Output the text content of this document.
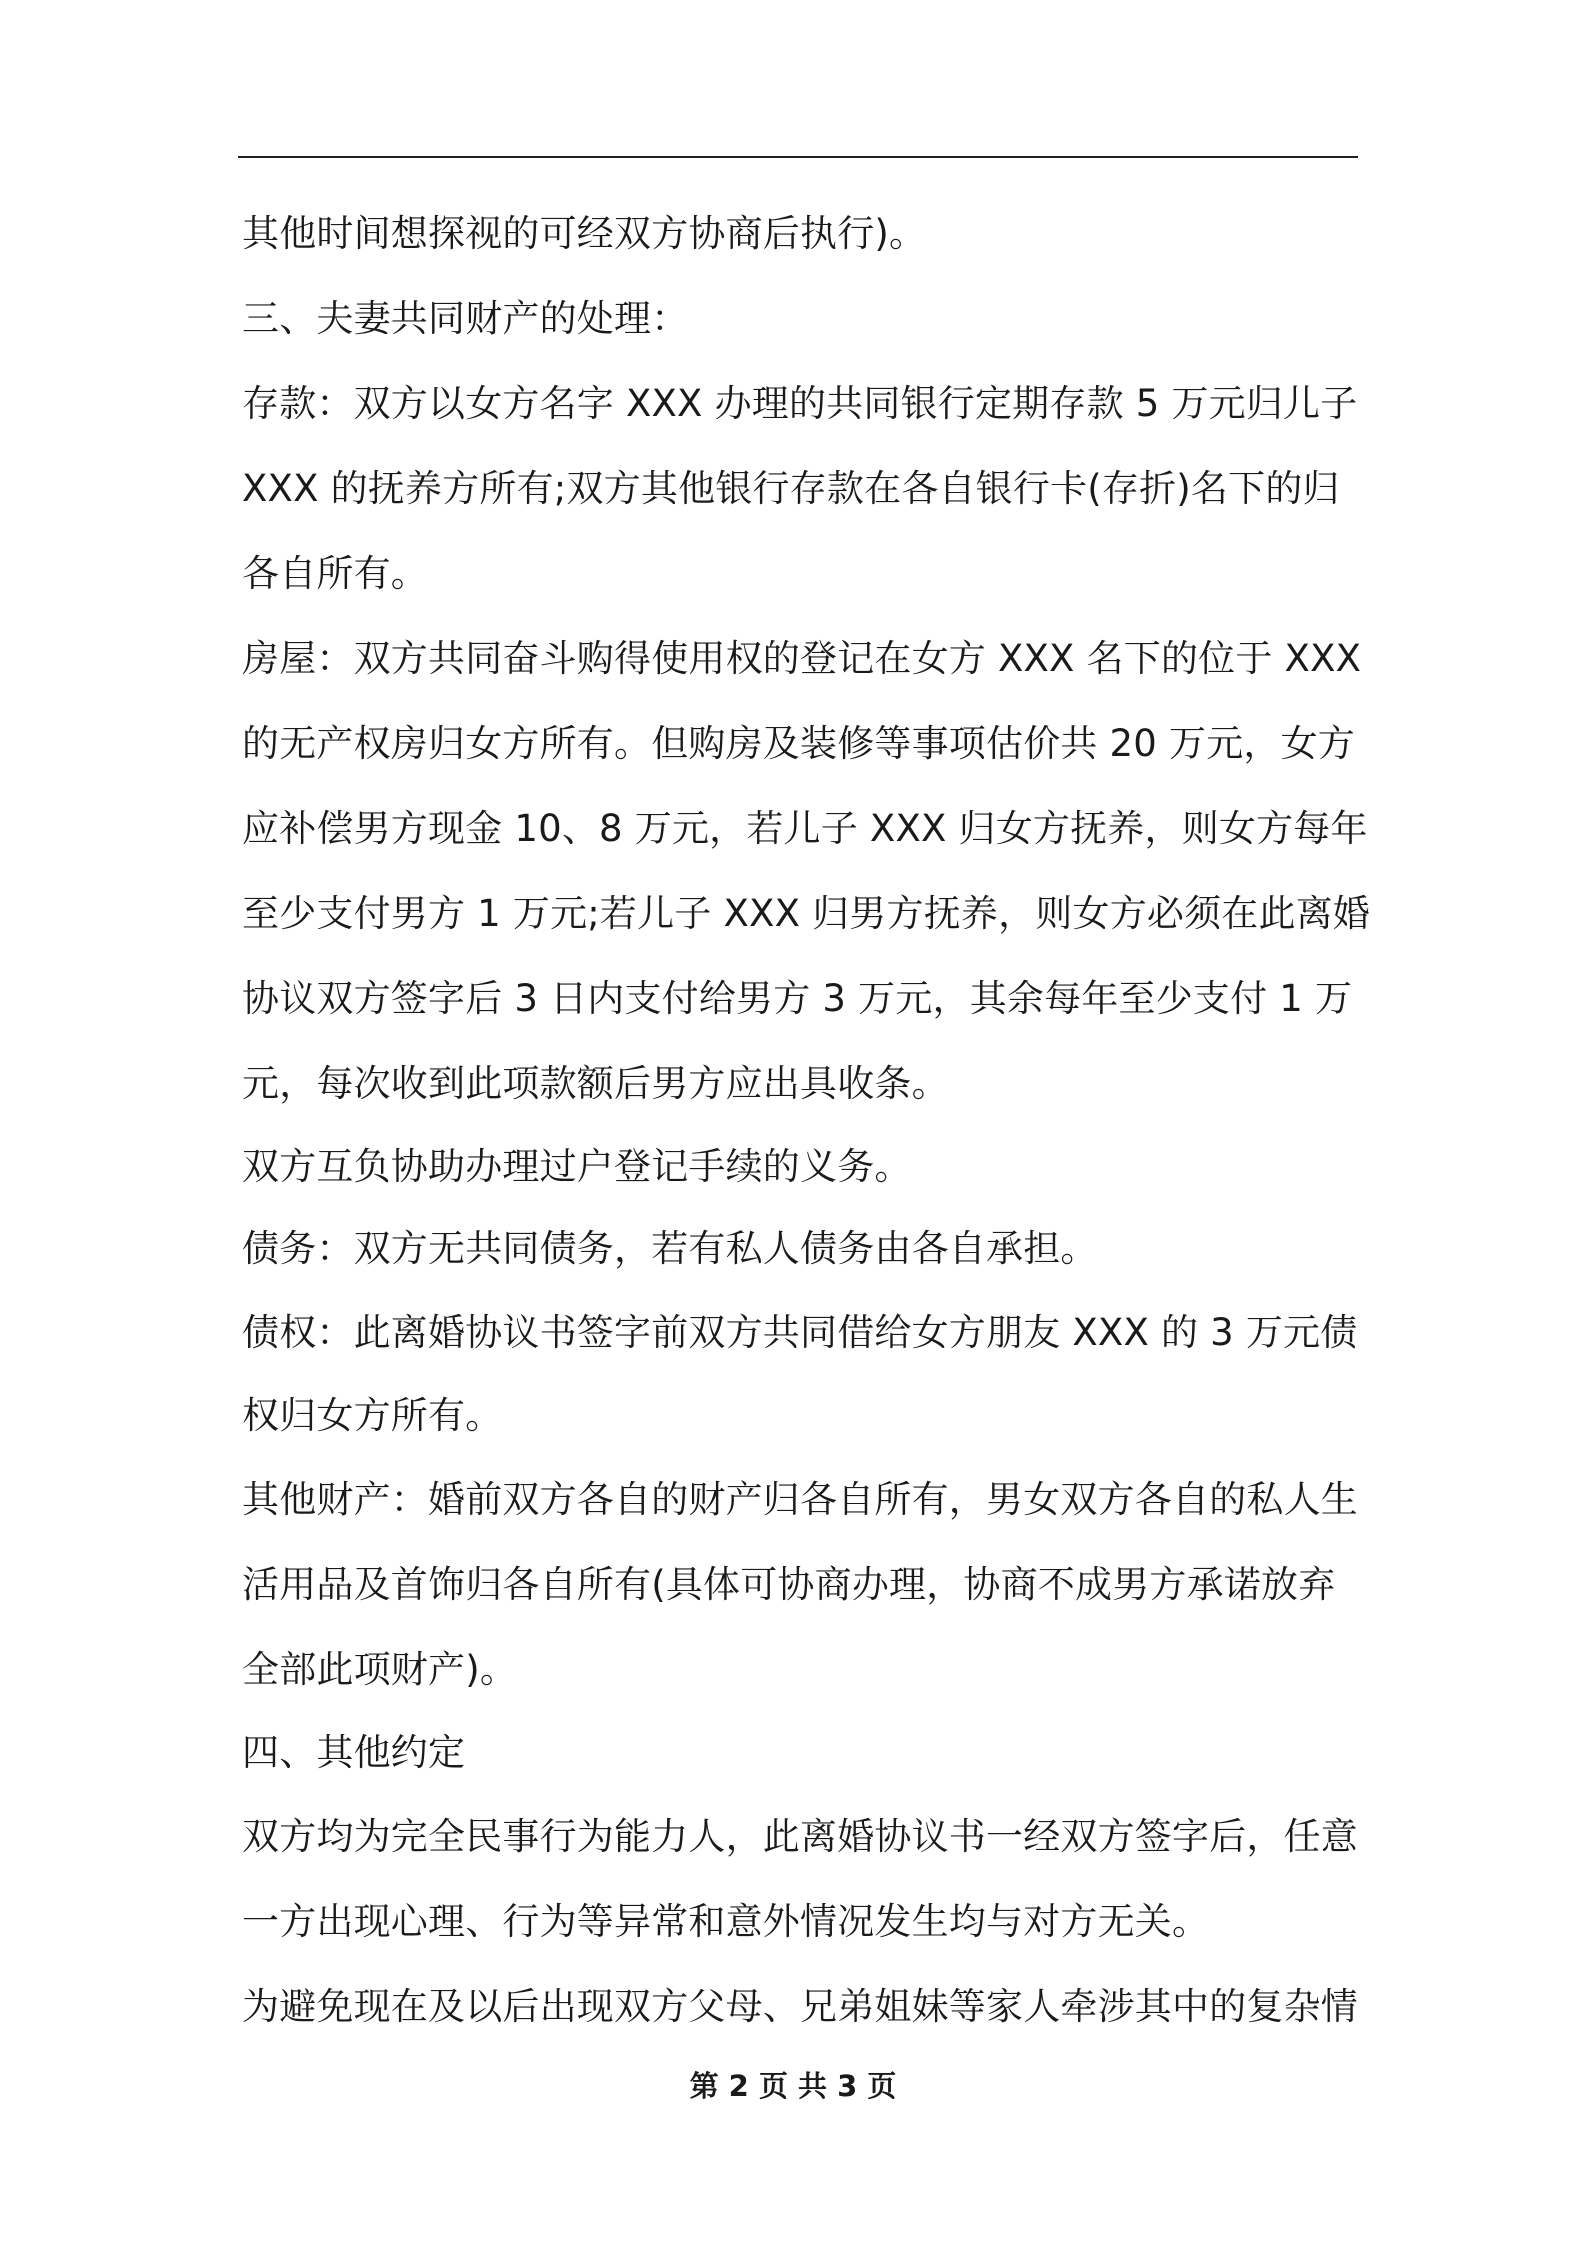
其他时间想探视的可经双方协商后执行)。
三、夫妻共同财产的处理：
存款：双方以女方名字 XXX 办理的共同银行定期存款 5 万元归儿子
XXX 的抚养方所有;双方其他银行存款在各自银行卡(存折)名下的归
各自所有。
房屋：双方共同奋斗购得使用权的登记在女方 XXX 名下的位于 XXX
的无产权房归女方所有。但购房及装修等事项估价共 20 万元，女方
应补偿男方现金 10、8 万元，若儿子 XXX 归女方抚养，则女方每年
至少支付男方 1 万元;若儿子 XXX 归男方抚养，则女方必须在此离婚
协议双方签字后 3 日内支付给男方 3 万元，其余每年至少支付 1 万
元，每次收到此项款额后男方应出具收条。
双方互负协助办理过户登记手续的义务。
债务：双方无共同债务，若有私人债务由各自承担。
债权：此离婚协议书签字前双方共同借给女方朋友 XXX 的 3 万元债
权归女方所有。
其他财产：婚前双方各自的财产归各自所有，男女双方各自的私人生
活用品及首饰归各自所有(具体可协商办理，协商不成男方承诺放弃
全部此项财产)。
四、其他约定
双方均为完全民事行为能力人，此离婚协议书一经双方签字后，任意
一方出现心理、行为等异常和意外情况发生均与对方无关。
为避免现在及以后出现双方父母、兄弟姐妹等家人牵涉其中的复杂情
第 2 页 共 3 页
